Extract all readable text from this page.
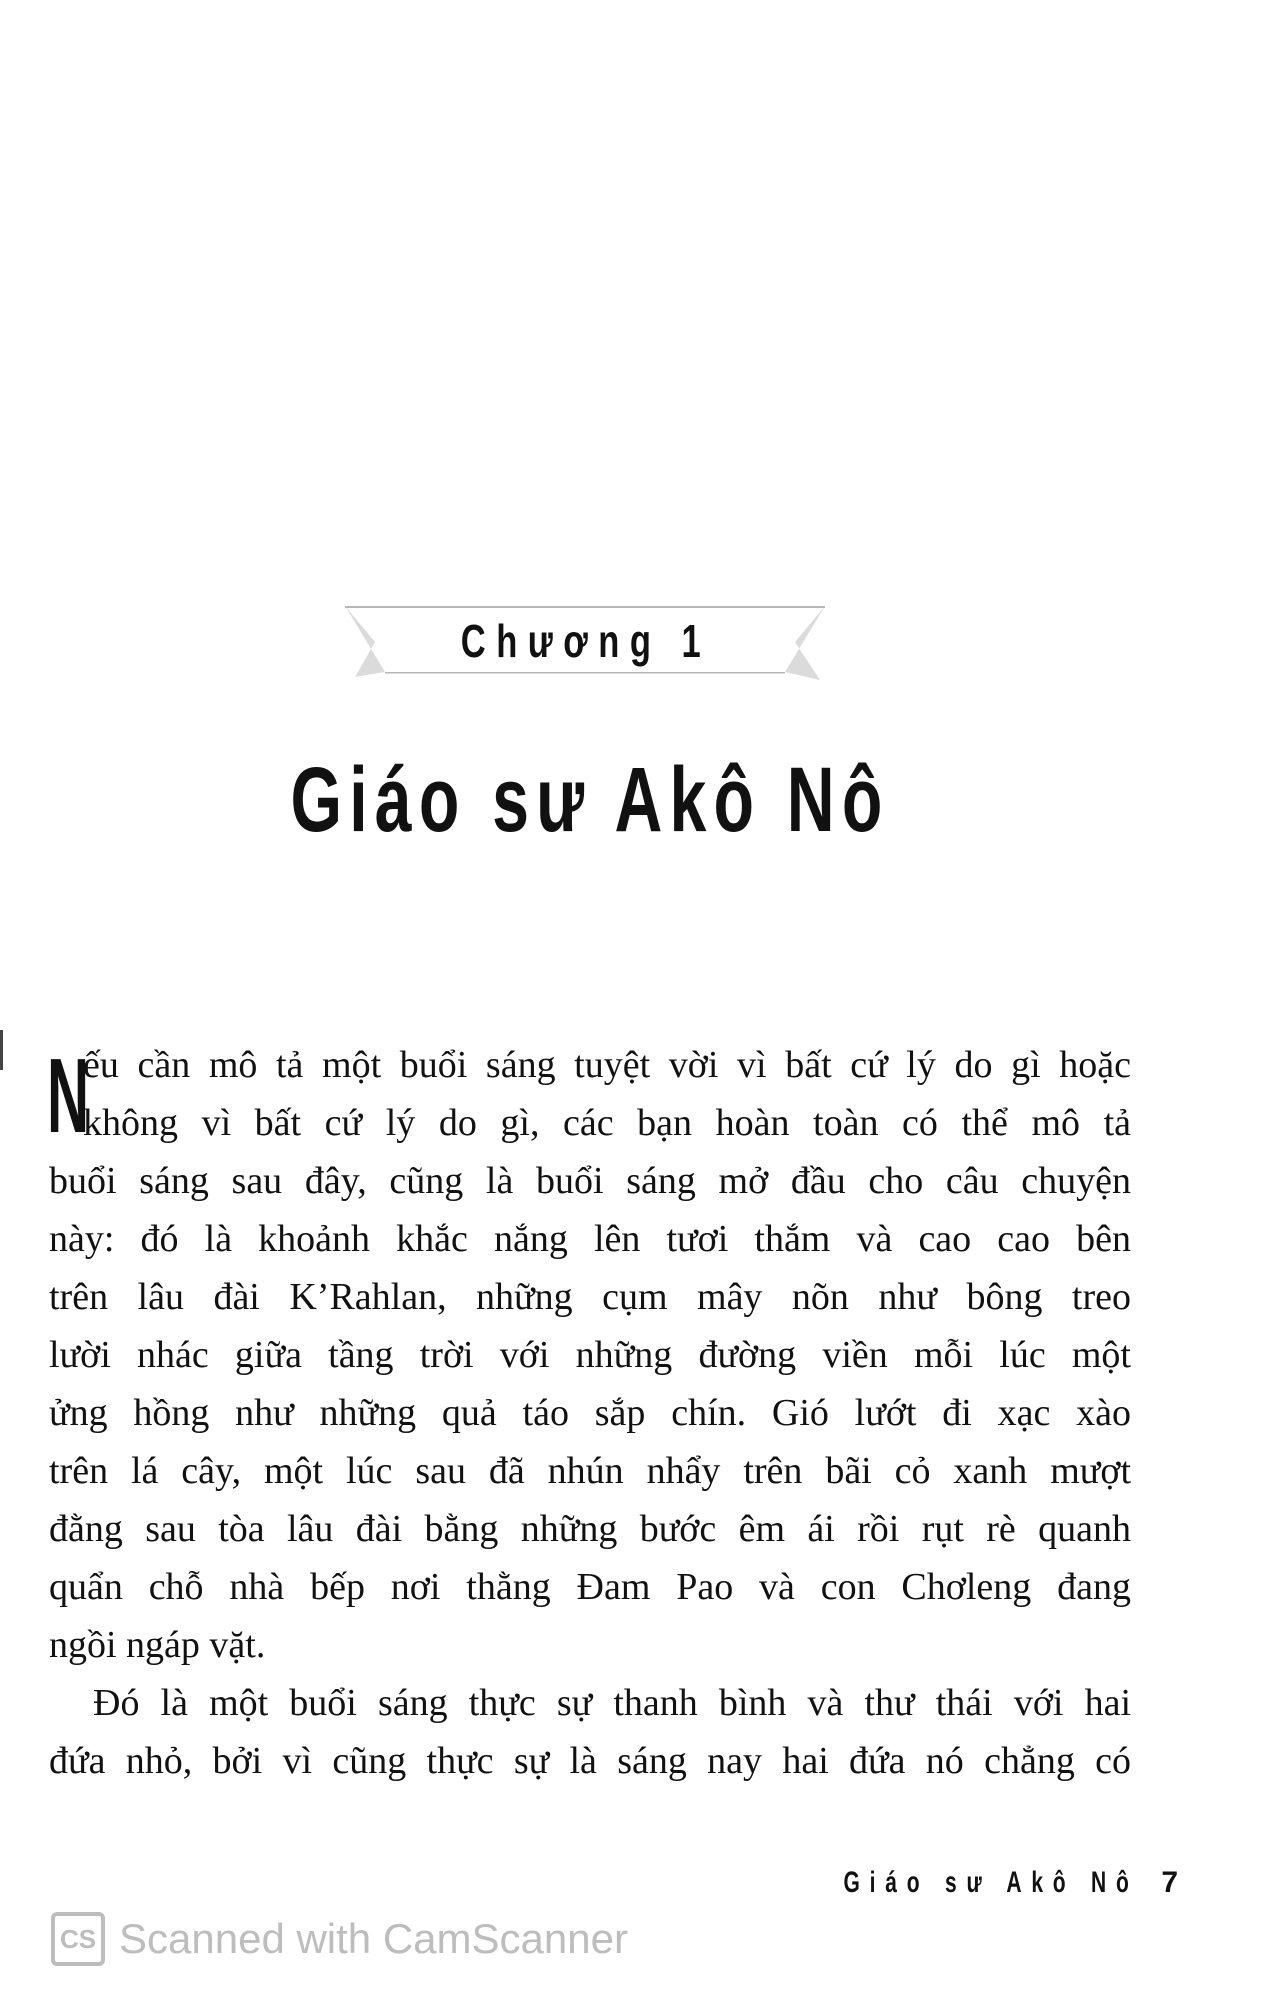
Chương 1
Giáo sư Akô Nô
N
ếu cần mô tả một buổi sáng tuyệt vời vì bất cứ lý do gì hoặc
không vì bất cứ lý do gì, các bạn hoàn toàn có thể mô tả
buổi sáng sau đây, cũng là buổi sáng mở đầu cho câu chuyện
này: đó là khoảnh khắc nắng lên tươi thắm và cao cao bên
trên lâu đài K’Rahlan, những cụm mây nõn như bông treo
lười nhác giữa tầng trời với những đường viền mỗi lúc một
ửng hồng như những quả táo sắp chín. Gió lướt đi xạc xào
trên lá cây, một lúc sau đã nhún nhẩy trên bãi cỏ xanh mượt
đằng sau tòa lâu đài bằng những bước êm ái rồi rụt rè quanh
quẩn chỗ nhà bếp nơi thằng Đam Pao và con Chơleng đang
ngồi ngáp vặt.
Đó là một buổi sáng thực sự thanh bình và thư thái với hai
đứa nhỏ, bởi vì cũng thực sự là sáng nay hai đứa nó chẳng có
Giáo sư Akô Nô 7
CS Scanned with CamScanner
